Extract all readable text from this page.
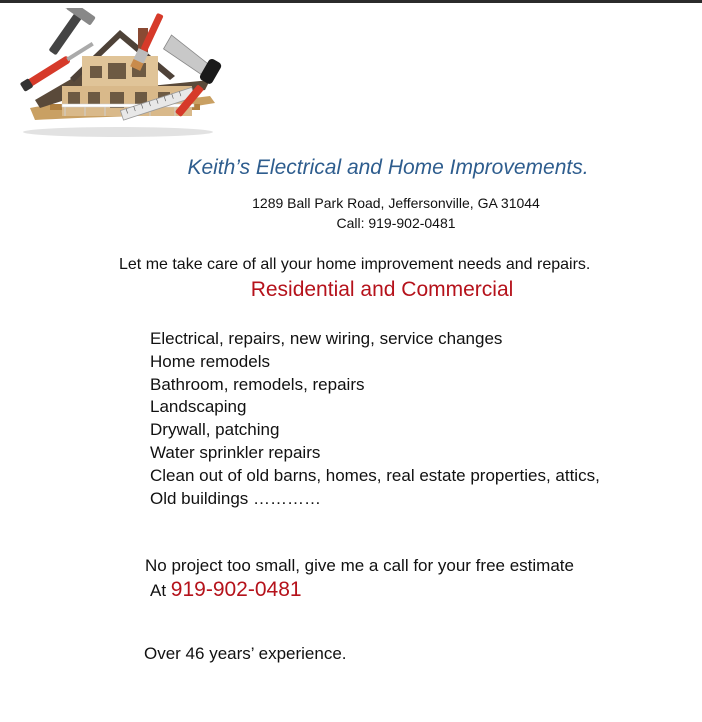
Keith’s Electrical and Home Improvements.
1289 Ball Park Road, Jeffersonville, GA 31044
Call: 919-902-0481
Let me take care of all your home improvement needs and repairs.
Residential and Commercial
Electrical, repairs, new wiring, service changes
Home remodels
Bathroom, remodels, repairs
Landscaping
Drywall, patching
Water sprinkler repairs
Clean out of old barns, homes, real estate properties, attics,
Old buildings …………
No project too small, give me a call for your free estimate
At 919-902-0481
Over 46 years’ experience.
